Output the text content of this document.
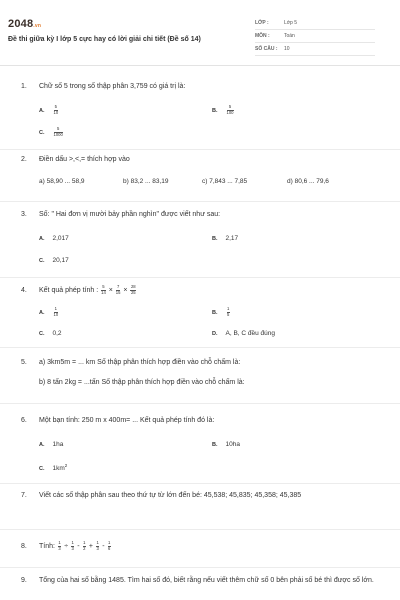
2048.vn
Đề thi giữa kỳ I lớp 5 cực hay có lời giải chi tiết (Đề số 14)
LỚP :	Lớp 5
MÔN :	Toán
SỐ CÂU : 10
1. Chữ số 5 trong số thập phân 3,759 có giá trị là:
A. $\frac{5}{10}$	B. $\frac{5}{100}$
C. $\frac{5}{1000}$
2. Điền dấu >,<,= thích hợp vào
a) 58,90 ... 58,9	b) 83,2 ... 83,19	c) 7,843 ... 7,85	d) 80,6 ... 79,6
3. Số: " Hai đơn vị mười bảy phần nghìn" được viết như sau:
A. 2,017	B. 2,17
C. 20,17
4. Kết quả phép tính : $\frac{5}{14} \times \frac{7}{15} \times \frac{28}{25}$
A. $\frac{1}{10}$	B. $\frac{1}{5}$
C. 0,2	D. A, B, C đều đúng
5. a) 3km5m = ... km Số thập phân thích hợp điền vào chỗ chấm là:
b) 8 tấn 2kg = ...tấn Số thập phân thích hợp điền vào chỗ chấm là:
6. Một bạn tính: 250 m x 400m= ... Kết quả phép tính đó là:
A. 1ha	B. 10ha
C. $1km^2$
7. Viết các số thập phân sau theo thứ tự từ lớn đến bé: 45,538; 45,835; 45,358; 45,385
8. Tính: $\frac{1}{3} \div \frac{1}{3} - \frac{1}{2} + \frac{1}{3} - \frac{1}{6}$
9. Tổng của hai số bằng 1485. Tìm hai số đó, biết rằng nếu viết thêm chữ số 0 bên phải số bé thì được số lớn.
